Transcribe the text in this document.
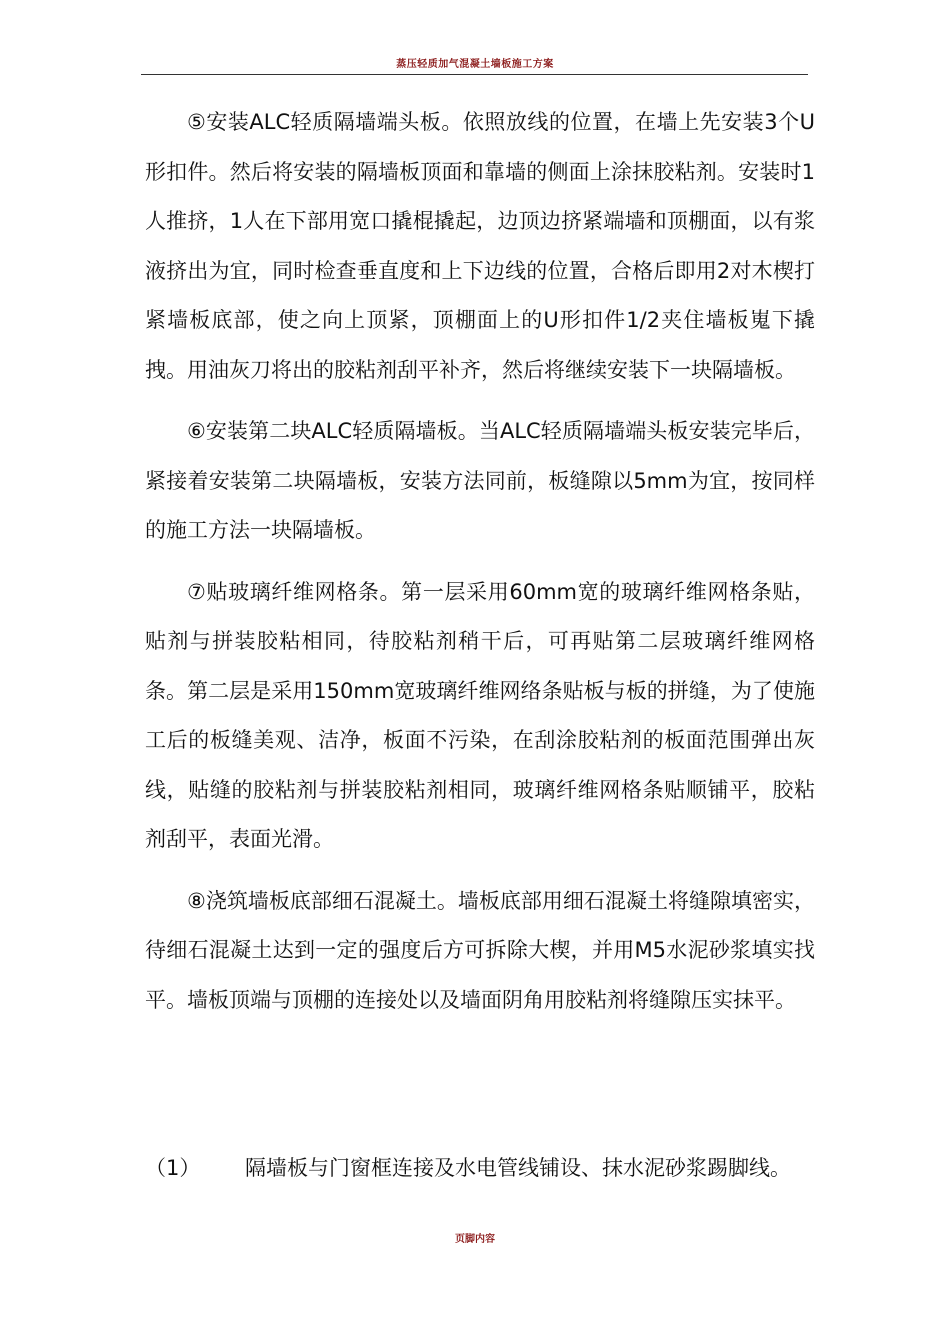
蒸压轻质加气混凝土墙板施工方案

⑤安装ALC轻质隔墙端头板。依照放线的位置，在墙上先安装3个U形扣件。然后将安装的隔墙板顶面和靠墙的侧面上涂抹胶粘剂。安装时1人推挤，1人在下部用宽口撬棍撬起，边顶边挤紧端墙和顶棚面，以有浆液挤出为宜，同时检查垂直度和上下边线的位置，合格后即用2对木楔打紧墙板底部，使之向上顶紧，顶棚面上的U形扣件1/2夹住墙板嵬下撬拽。用油灰刀将出的胶粘剂刮平补齐，然后将继续安装下一块隔墙板。

⑥安装第二块ALC轻质隔墙板。当ALC轻质隔墙端头板安装完毕后，紧接着安装第二块隔墙板，安装方法同前，板缝隙以5mm为宜，按同样的施工方法一块隔墙板。

⑦贴玻璃纤维网格条。第一层采用60mm宽的玻璃纤维网格条贴，贴剂与拼装胶粘相同，待胶粘剂稍干后，可再贴第二层玻璃纤维网格条。第二层是采用150mm宽玻璃纤维网络条贴板与板的拼缝，为了使施工后的板缝美观、洁净，板面不污染，在刮涂胶粘剂的板面范围弹出灰线，贴缝的胶粘剂与拼装胶粘剂相同，玻璃纤维网格条贴顺铺平，胶粘剂刮平，表面光滑。

⑧浇筑墙板底部细石混凝土。墙板底部用细石混凝土将缝隙填密实，待细石混凝土达到一定的强度后方可拆除大楔，并用M5水泥砂浆填实找平。墙板顶端与顶棚的连接处以及墙面阴角用胶粘剂将缝隙压实抹平。

（1） 隔墙板与门窗框连接及水电管线铺设、抹水泥砂浆踢脚线。
页脚内容
